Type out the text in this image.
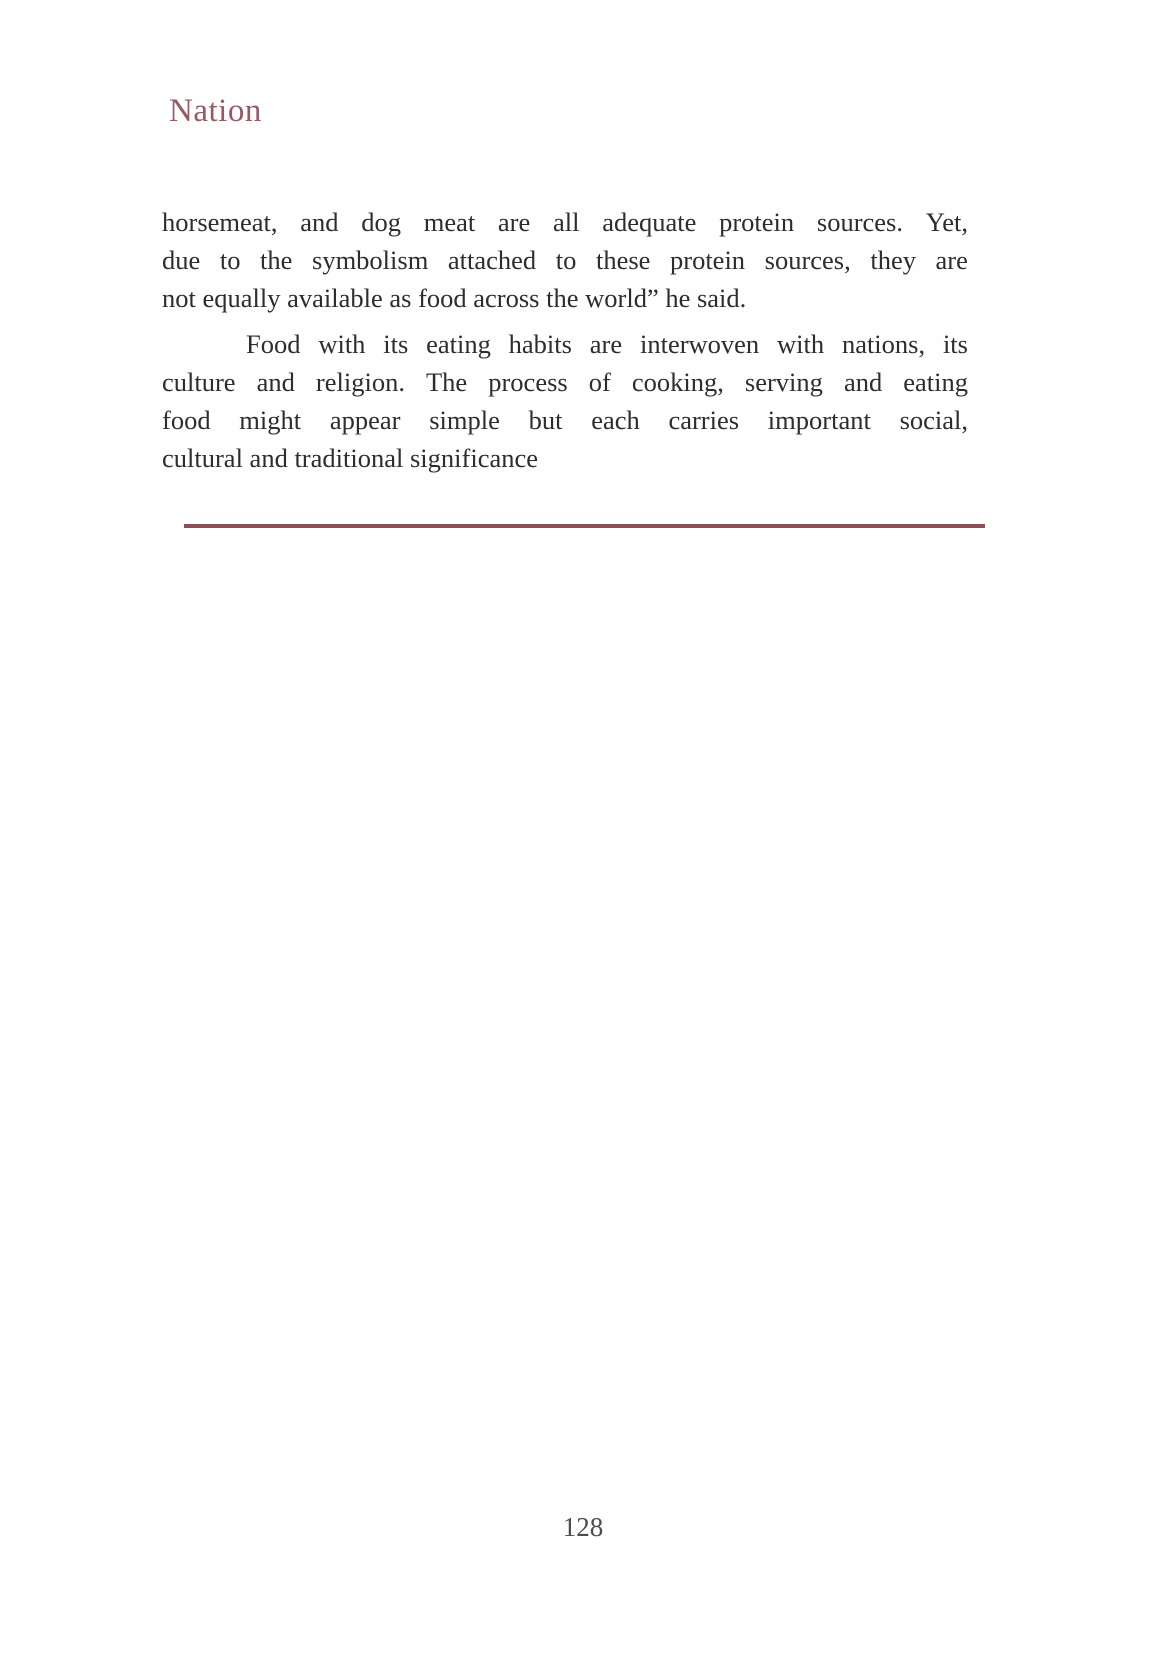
Nation
horsemeat, and dog meat are all adequate protein sources. Yet,
due to the symbolism attached to these protein sources, they are
not equally available as food across the world” he said.
Food with its eating habits are interwoven with nations, its
culture and religion. The process of cooking, serving and eating
food might appear simple but each carries important social,
cultural and traditional significance
128
